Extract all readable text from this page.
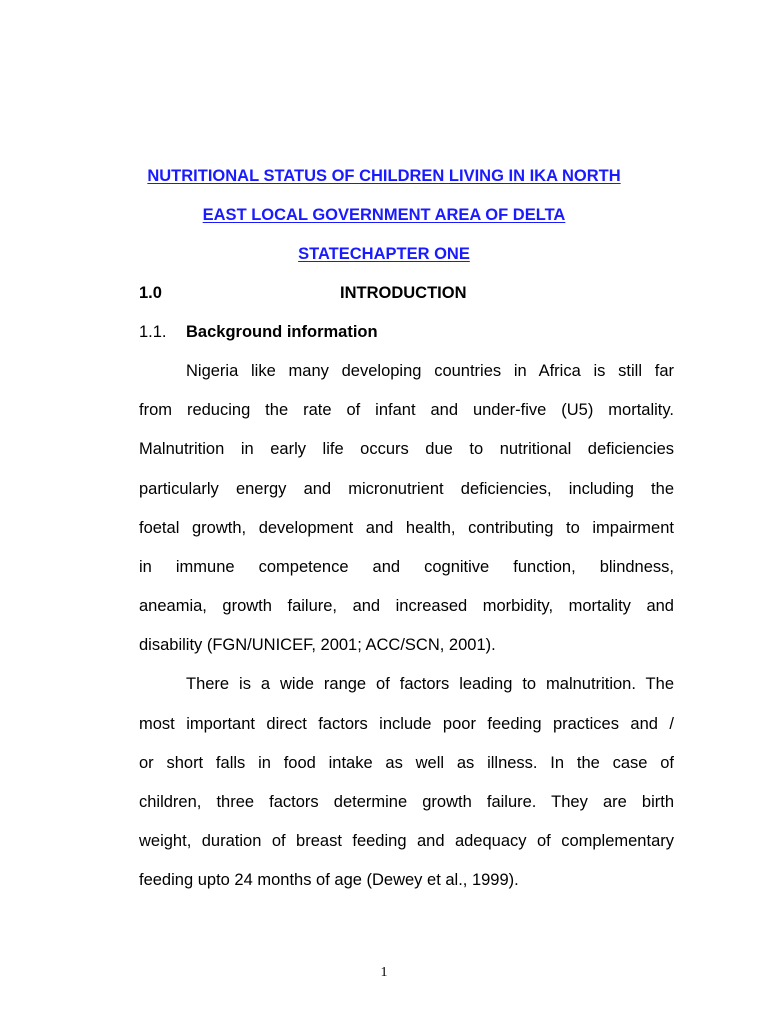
NUTRITIONAL STATUS OF CHILDREN LIVING IN IKA NORTH
EAST LOCAL GOVERNMENT AREA OF DELTA
STATECHAPTER ONE
1.0	INTRODUCTION
1.1. Background information
Nigeria like many developing countries in Africa is still far
from reducing the rate of infant and under-five (U5) mortality.
Malnutrition in early life occurs due to nutritional deficiencies
particularly energy and micronutrient deficiencies, including the
foetal growth, development and health, contributing to impairment
in immune competence and cognitive function, blindness,
aneamia, growth failure, and increased morbidity, mortality and
disability (FGN/UNICEF, 2001; ACC/SCN, 2001).
There is a wide range of factors leading to malnutrition. The
most important direct factors include poor feeding practices and /
or short falls in food intake as well as illness. In the case of
children, three factors determine growth failure. They are birth
weight, duration of breast feeding and adequacy of complementary
feeding upto 24 months of age (Dewey et al., 1999).
1
